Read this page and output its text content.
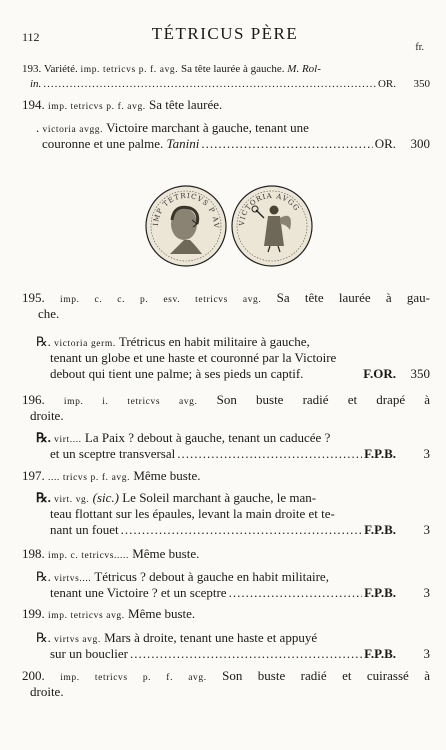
112	TÉTRICUS PÈRE
fr.
193. Variété. imp. tetricvs p. f. avg. Sa tête laurée à gauche. M. Rol-
in. .....	OR.	350
194. imp. tetricvs p. f. avg. Sa tête laurée.
. victoria avgg. Victoire marchant à gauche, tenant une
couronne et une palme.
Tanini .....	OR.	300
IMP TETRICVS P AV	VICTORIA AVGG
195. imp. c. c. p. esv. tetricvs avg. Sa tête laurée à gau-
che.
℞. victoria germ. Trétricus en habit militaire à gauche,
tenant un globe et une haste et couronné par la Victoire
debout qui tient une palme; à ses pieds un captif.	F.OR.	350
196. imp. i. tetricvs avg. Son buste radié et drapé à
droite.
℞. virt.... La Paix ? debout à gauche, tenant un caducée ?
et un sceptre transversal .....	F.P.B.	3
197. .... tricvs p. f. avg. Même buste.
℞. virt. vg. (sic.) Le Soleil marchant à gauche, le man-
teau flottant sur les épaules, levant la main droite et te-
nant un fouet .....	F.P.B.	3
198. imp. c. tetricvs..... Même buste.
℞. virtvs.... Tétricus ? debout à gauche en habit militaire,
tenant une Victoire ? et un sceptre .....	F.P.B.	3
199. imp. tetricvs avg. Même buste.
℞. virtvs avg. Mars à droite, tenant une haste et appuyé
sur un bouclier .....	F.P.B.	3
200. imp. tetricvs p. f. avg. Son buste radié et cuirassé à
droite.
